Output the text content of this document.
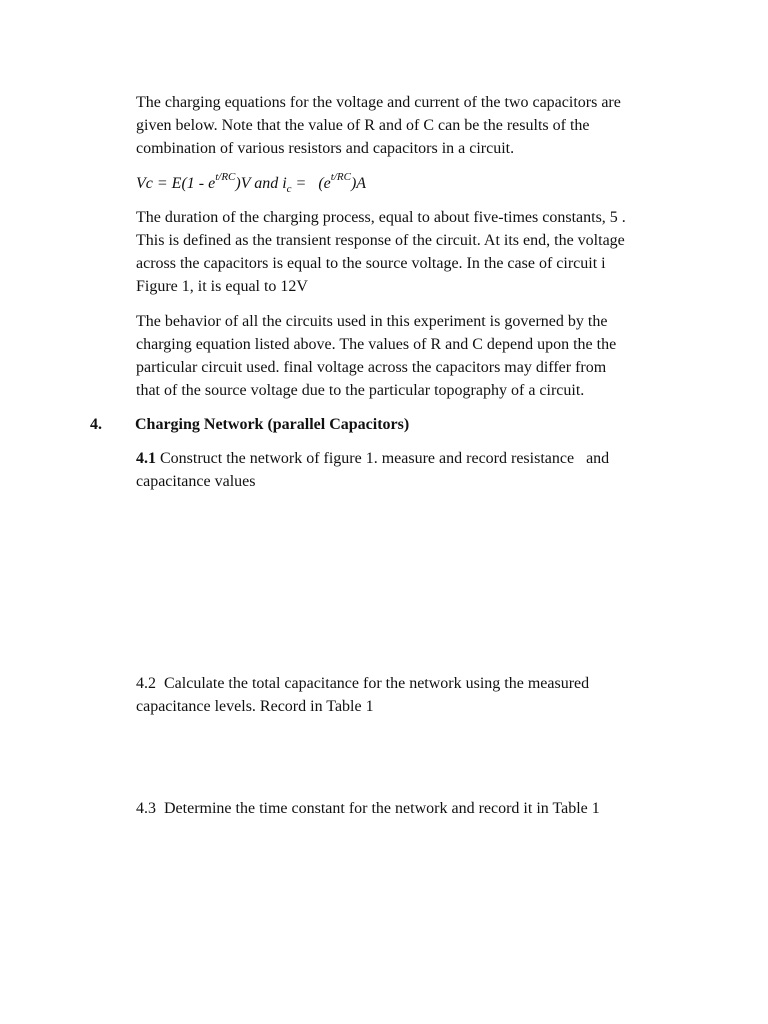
The charging equations for the voltage and current of the two capacitors are
given below. Note that the value of R and of C can be the results of the
combination of various resistors and capacitors in a circuit.
$Vc = E(1 - e^{t/RC})V$ and $i_c = (e^{t/RC})A$
The duration of the charging process, equal to about five-times constants, 5 .
This is defined as the transient response of the circuit. At its end, the voltage
across the capacitors is equal to the source voltage. In the case of circuit i
Figure 1, it is equal to 12V
The behavior of all the circuits used in this experiment is governed by the
charging equation listed above. The values of R and C depend upon the the
particular circuit used. final voltage across the capacitors may differ from
that of the source voltage due to the particular topography of a circuit.
4. Charging Network (parallel Capacitors)
4.1 Construct the network of figure 1. measure and record resistance   and
capacitance values
4.2  Calculate the total capacitance for the network using the measured
capacitance levels. Record in Table 1
4.3  Determine the time constant for the network and record it in Table 1
